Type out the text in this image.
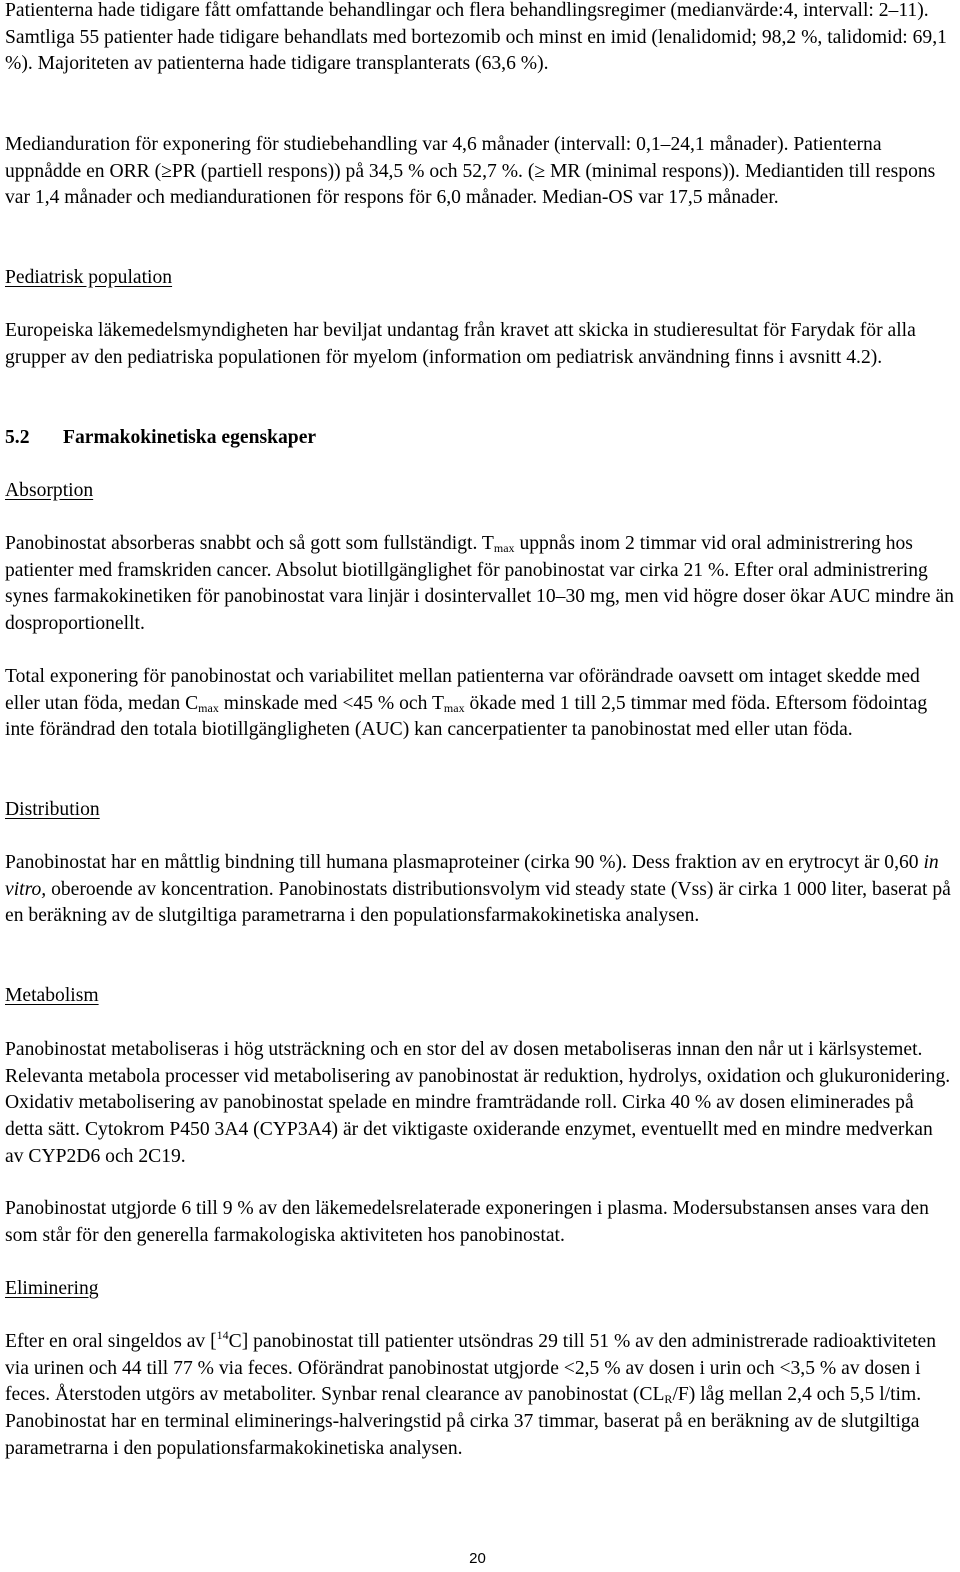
Patienterna hade tidigare fått omfattande behandlingar och flera behandlingsregimer (medianvärde:4, intervall: 2–11). Samtliga 55 patienter hade tidigare behandlats med bortezomib och minst en imid (lenalidomid; 98,2 %, talidomid: 69,1 %). Majoriteten av patienterna hade tidigare transplanterats (63,6 %).

Medianduration för exponering för studiebehandling var 4,6 månader (intervall: 0,1–24,1 månader). Patienterna uppnådde en ORR (≥PR (partiell respons)) på 34,5 % och 52,7 %. (≥ MR (minimal respons)). Mediantiden till respons var 1,4 månader och mediandurationen för respons för 6,0 månader. Median-OS var 17,5 månader.

Pediatrisk population

Europeiska läkemedelsmyndigheten har beviljat undantag från kravet att skicka in studieresultat för Farydak för alla grupper av den pediatriska populationen för myelom (information om pediatrisk användning finns i avsnitt 4.2).

5.2 Farmakokinetiska egenskaper

Absorption

Panobinostat absorberas snabbt och så gott som fullständigt. $T_{max}$ uppnås inom 2 timmar vid oral administrering hos patienter med framskriden cancer. Absolut biotillgänglighet för panobinostat var cirka 21 %. Efter oral administrering synes farmakokinetiken för panobinostat vara linjär i dosintervallet 10–30 mg, men vid högre doser ökar AUC mindre än dosproportionellt.

Total exponering för panobinostat och variabilitet mellan patienterna var oförändrade oavsett om intaget skedde med eller utan föda, medan $C_{max}$ minskade med <45 % och $T_{max}$ ökade med 1 till 2,5 timmar med föda. Eftersom födointag inte förändrad den totala biotillgängligheten (AUC) kan cancerpatienter ta panobinostat med eller utan föda.

Distribution

Panobinostat har en måttlig bindning till humana plasmaproteiner (cirka 90 %). Dess fraktion av en erytrocyt är 0,60 in vitro, oberoende av koncentration. Panobinostats distributionsvolym vid steady state (Vss) är cirka 1 000 liter, baserat på en beräkning av de slutgiltiga parametrarna i den populationsfarmakokinetiska analysen.

Metabolism

Panobinostat metaboliseras i hög utsträckning och en stor del av dosen metaboliseras innan den når ut i kärlsystemet. Relevanta metabola processer vid metabolisering av panobinostat är reduktion, hydrolys, oxidation och glukuronidering. Oxidativ metabolisering av panobinostat spelade en mindre framträdande roll. Cirka 40 % av dosen eliminerades på detta sätt. Cytokrom P450 3A4 (CYP3A4) är det viktigaste oxiderande enzymet, eventuellt med en mindre medverkan av CYP2D6 och 2C19.

Panobinostat utgjorde 6 till 9 % av den läkemedelsrelaterade exponeringen i plasma. Modersubstansen anses vara den som står för den generella farmakologiska aktiviteten hos panobinostat.

Eliminering

Efter en oral singeldos av [$^{14}$C] panobinostat till patienter utsöndras 29 till 51 % av den administrerade radioaktiviteten via urinen och 44 till 77 % via feces. Oförändrat panobinostat utgjorde <2,5 % av dosen i urin och <3,5 % av dosen i feces. Återstoden utgörs av metaboliter. Synbar renal clearance av panobinostat $(CL_R/F)$ låg mellan 2,4 och 5,5 l/tim. Panobinostat har en terminal eliminerings-halveringstid på cirka 37 timmar, baserat på en beräkning av de slutgiltiga parametrarna i den populationsfarmakokinetiska analysen.

20
